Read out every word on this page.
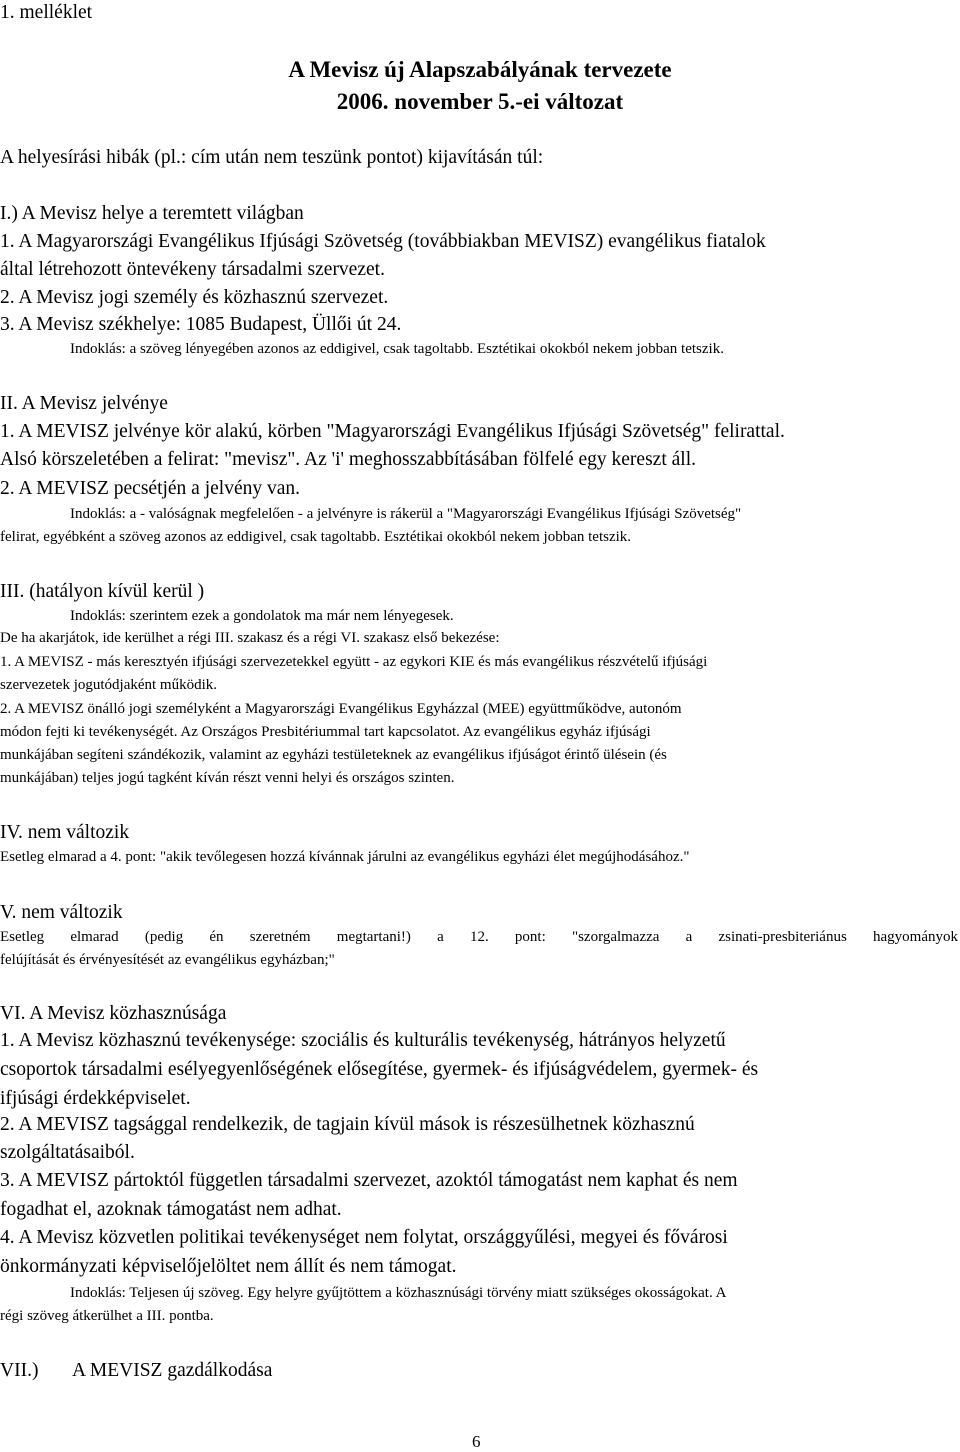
1. melléklet

A Mevisz új Alapszabályának tervezete

2006. november 5.-ei változat

A helyesírási hibák (pl.: cím után nem teszünk pontot) kijavításán túl:

I.) A Mevisz helye a teremtett világban

1. A Magyarországi Evangélikus Ifjúsági Szövetség (továbbiakban MEVISZ) evangélikus fiatalok

által létrehozott öntevékeny társadalmi szervezet.

2. A Mevisz jogi személy és közhasznú szervezet.

3. A Mevisz székhelye: 1085 Budapest, Üllői út 24.

Indoklás: a szöveg lényegében azonos az eddigivel, csak tagoltabb. Esztétikai okokból nekem jobban tetszik.

II. A Mevisz jelvénye

1. A MEVISZ jelvénye kör alakú, körben "Magyarországi Evangélikus Ifjúsági Szövetség" felirattal.

Alsó körszeletében a felirat: "mevisz". Az 'i' meghosszabbításában fölfelé egy kereszt áll.

2. A MEVISZ pecsétjén a jelvény van.

Indoklás: a - valóságnak megfelelően - a jelvényre is rákerül a "Magyarországi Evangélikus Ifjúsági Szövetség"

felirat, egyébként a szöveg azonos az eddigivel, csak tagoltabb. Esztétikai okokból nekem jobban tetszik.

III. (hatályon kívül kerül )

Indoklás: szerintem ezek a gondolatok ma már nem lényegesek.

De ha akarjátok, ide kerülhet a régi III. szakasz és a régi VI. szakasz első bekezése:

1. A MEVISZ - más keresztyén ifjúsági szervezetekkel együtt - az egykori KIE és más evangélikus részvételű ifjúsági

szervezetek jogutódjaként működik.

2. A MEVISZ önálló jogi személyként a Magyarországi Evangélikus Egyházzal (MEE) együttműködve, autonóm

módon fejti ki tevékenységét. Az Országos Presbitériummal tart kapcsolatot. Az evangélikus egyház ifjúsági

munkájában segíteni szándékozik, valamint az egyházi testületeknek az evangélikus ifjúságot érintő ülésein (és

munkájában) teljes jogú tagként kíván részt venni helyi és országos szinten.

IV. nem változik

Esetleg elmarad a 4. pont: "akik tevőlegesen hozzá kívánnak járulni az evangélikus egyházi élet megújhodásához."

V. nem változik

Esetleg elmarad (pedig én szeretném megtartani!) a 12. pont: "szorgalmazza a zsinati-presbiteriánus hagyományok

felújítását és érvényesítését az evangélikus egyházban;"

VI. A Mevisz közhasznúsága

1. A Mevisz közhasznú tevékenysége: szociális és kulturális tevékenység, hátrányos helyzetű

csoportok társadalmi esélyegyenlőségének elősegítése, gyermek- és ifjúságvédelem, gyermek- és

ifjúsági érdekképviselet.

2. A MEVISZ tagsággal rendelkezik, de tagjain kívül mások is részesülhetnek közhasznú

szolgáltatásaiból.

3. A MEVISZ pártoktól független társadalmi szervezet, azoktól támogatást nem kaphat és nem

fogadhat el, azoknak támogatást nem adhat.

4. A Mevisz közvetlen politikai tevékenységet nem folytat, országgyűlési, megyei és fővárosi

önkormányzati képviselőjelöltet nem állít és nem támogat.

Indoklás: Teljesen új szöveg. Egy helyre gyűjtöttem a közhasznúsági törvény miatt szükséges okosságokat. A

régi szöveg átkerülhet a III. pontba.

VII.) A MEVISZ gazdálkodása

6
